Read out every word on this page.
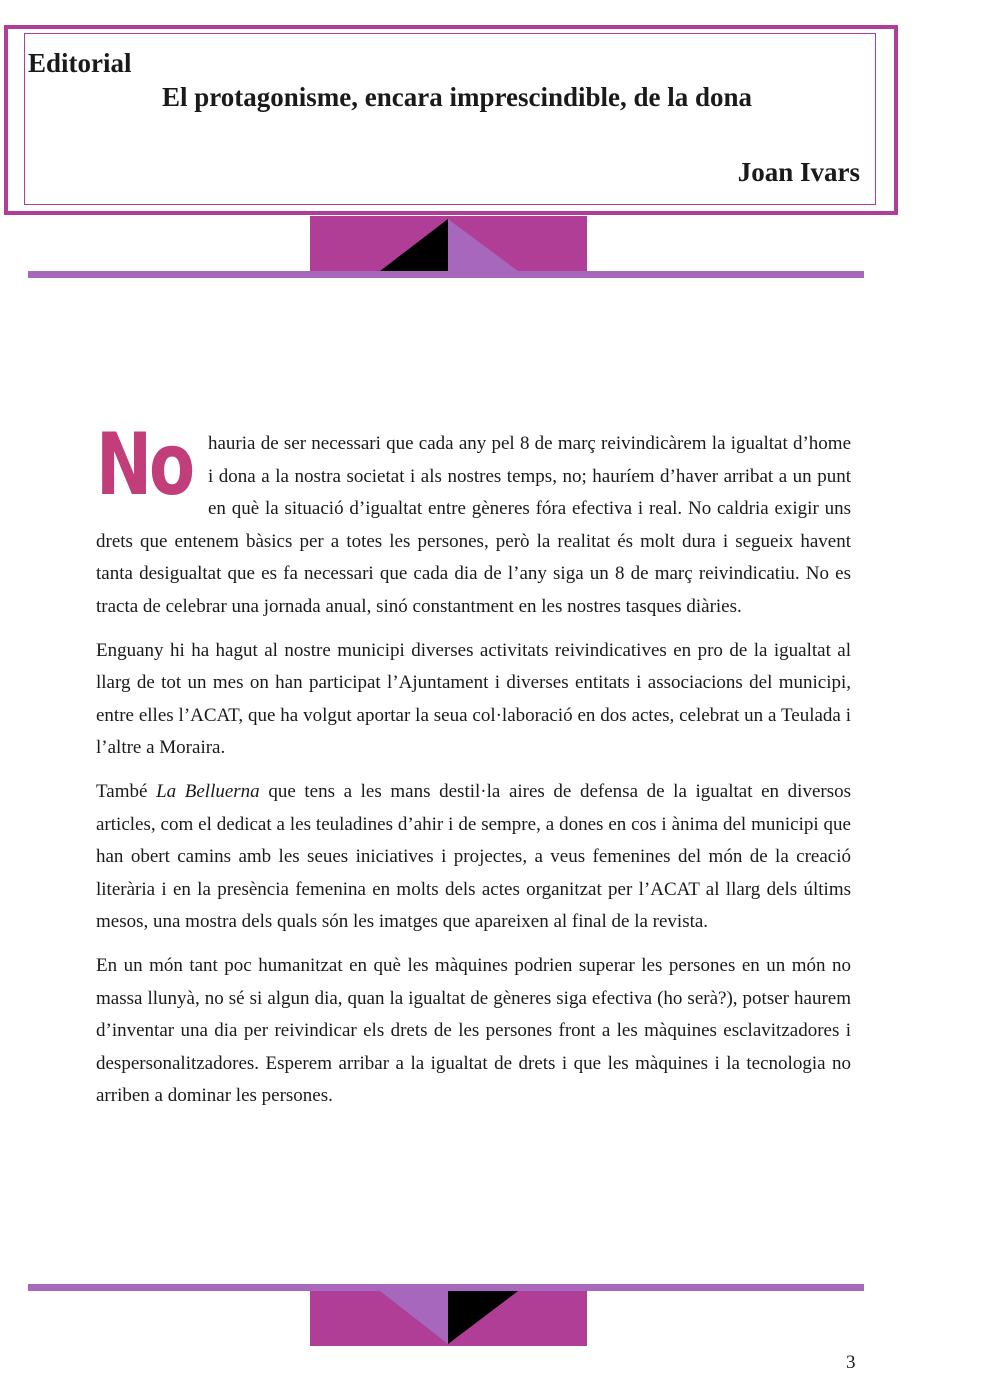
Editorial
El protagonisme, encara imprescindible, de la dona
Joan Ivars

No hauria de ser necessari que cada any pel 8 de març reivindicàrem la igualtat d’home i dona a la nostra societat i als nostres temps, no; hauríem d’haver arribat a un punt en què la situació d’igualtat entre gèneres fóra efectiva i real. No caldria exigir uns drets que entenem bàsics per a totes les persones, però la realitat és molt dura i segueix havent tanta desigualtat que es fa necessari que cada dia de l’any siga un 8 de març reivindicatiu. No es tracta de celebrar una jornada anual, sinó constantment en les nostres tasques diàries.

Enguany hi ha hagut al nostre municipi diverses activitats reivindicatives en pro de la igualtat al llarg de tot un mes on han participat l’Ajuntament i diverses entitats i associacions del municipi, entre elles l’ACAT, que ha volgut aportar la seua col·laboració en dos actes, celebrat un a Teulada i l’altre a Moraira.

També La Belluerna que tens a les mans destil·la aires de defensa de la igualtat en diversos articles, com el dedicat a les teuladines d’ahir i de sempre, a dones en cos i ànima del municipi que han obert camins amb les seues iniciatives i projectes, a veus femenines del món de la creació literària i en la presència femenina en molts dels actes organitzat per l’ACAT al llarg dels últims mesos, una mostra dels quals són les imatges que apareixen al final de la revista.

En un món tant poc humanitzat en què les màquines podrien superar les persones en un món no massa llunyà, no sé si algun dia, quan la igualtat de gèneres siga efectiva (ho serà?), potser haurem d’inventar una dia per reivindicar els drets de les persones front a les màquines esclavitzadores i despersonalitzadores. Esperem arribar a la igualtat de drets i que les màquines i la tecnologia no arriben a dominar les persones.

3
